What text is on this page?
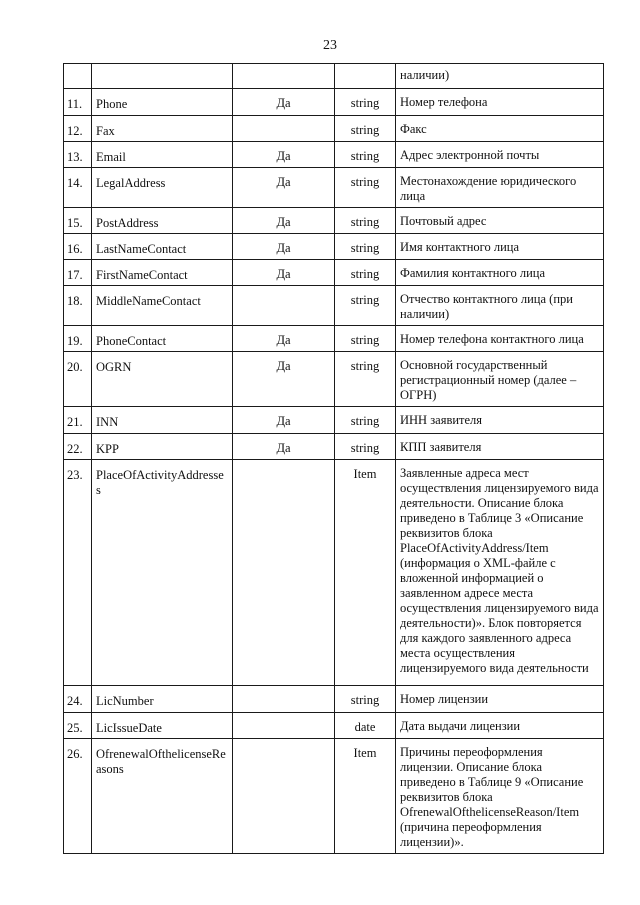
23
				наличии)
11.	Phone	Да	string	Номер телефона
12.	Fax		string	Факс
13.	Email	Да	string	Адрес электронной почты
14.	LegalAddress	Да	string	Местонахождение юридического лица
15.	PostAddress	Да	string	Почтовый адрес
16.	LastNameContact	Да	string	Имя контактного лица
17.	FirstNameContact	Да	string	Фамилия контактного лица
18.	MiddleNameContact		string	Отчество контактного лица (при наличии)
19.	PhoneContact	Да	string	Номер телефона контактного лица
20.	OGRN	Да	string	Основной государственный регистрационный номер (далее – ОГРН)
21.	INN	Да	string	ИНН заявителя
22.	KPP	Да	string	КПП заявителя
23.	PlaceOfActivityAddresses		Item	Заявленные адреса мест осуществления лицензируемого вида деятельности. Описание блока приведено в Таблице 3 «Описание реквизитов блока PlaceOfActivityAddress/Item (информация о XML-файле с вложенной информацией о заявленном адресе места осуществления лицензируемого вида деятельности)». Блок повторяется для каждого заявленного адреса места осуществления лицензируемого вида деятельности
24.	LicNumber		string	Номер лицензии
25.	LicIssueDate		date	Дата выдачи лицензии
26.	OfrenewalOfthelicenseReasons		Item	Причины переоформления лицензии. Описание блока приведено в Таблице 9 «Описание реквизитов блока OfrenewalOfthelicenseReason/Item (причина переоформления лицензии)».
